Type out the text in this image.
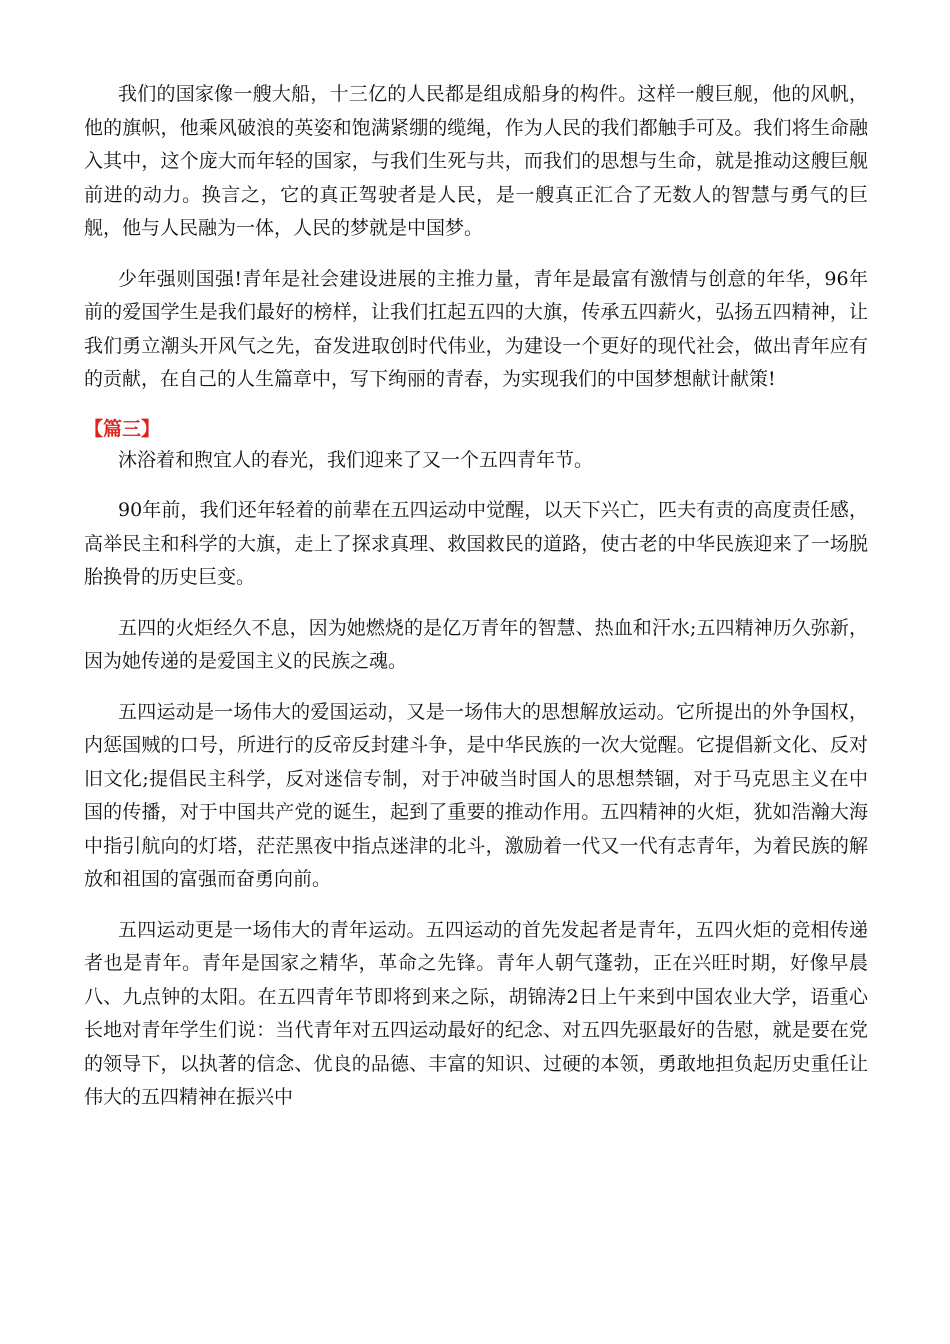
我们的国家像一艘大船，十三亿的人民都是组成船身的构件。这样一艘巨舰，他的风帆，他的旗帜，他乘风破浪的英姿和饱满紧绷的缆绳，作为人民的我们都触手可及。我们将生命融入其中，这个庞大而年轻的国家，与我们生死与共，而我们的思想与生命，就是推动这艘巨舰前进的动力。换言之，它的真正驾驶者是人民，是一艘真正汇合了无数人的智慧与勇气的巨舰，他与人民融为一体，人民的梦就是中国梦。

少年强则国强!青年是社会建设进展的主推力量，青年是最富有激情与创意的年华，96年前的爱国学生是我们最好的榜样，让我们扛起五四的大旗，传承五四薪火，弘扬五四精神，让我们勇立潮头开风气之先，奋发进取创时代伟业，为建设一个更好的现代社会，做出青年应有的贡献，在自己的人生篇章中，写下绚丽的青春，为实现我们的中国梦想献计献策!

【篇三】

沐浴着和煦宜人的春光，我们迎来了又一个五四青年节。

90年前，我们还年轻着的前辈在五四运动中觉醒，以天下兴亡，匹夫有责的高度责任感，高举民主和科学的大旗，走上了探求真理、救国救民的道路，使古老的中华民族迎来了一场脱胎换骨的历史巨变。

五四的火炬经久不息，因为她燃烧的是亿万青年的智慧、热血和汗水;五四精神历久弥新，因为她传递的是爱国主义的民族之魂。

五四运动是一场伟大的爱国运动，又是一场伟大的思想解放运动。它所提出的外争国权，内惩国贼的口号，所进行的反帝反封建斗争，是中华民族的一次大觉醒。它提倡新文化、反对旧文化;提倡民主科学，反对迷信专制，对于冲破当时国人的思想禁锢，对于马克思主义在中国的传播，对于中国共产党的诞生，起到了重要的推动作用。五四精神的火炬，犹如浩瀚大海中指引航向的灯塔，茫茫黑夜中指点迷津的北斗，激励着一代又一代有志青年，为着民族的解放和祖国的富强而奋勇向前。

五四运动更是一场伟大的青年运动。五四运动的首先发起者是青年，五四火炬的竞相传递者也是青年。青年是国家之精华，革命之先锋。青年人朝气蓬勃，正在兴旺时期，好像早晨八、九点钟的太阳。在五四青年节即将到来之际，胡锦涛2日上午来到中国农业大学，语重心长地对青年学生们说：当代青年对五四运动最好的纪念、对五四先驱最好的告慰，就是要在党的领导下，以执著的信念、优良的品德、丰富的知识、过硬的本领，勇敢地担负起历史重任让伟大的五四精神在振兴中
